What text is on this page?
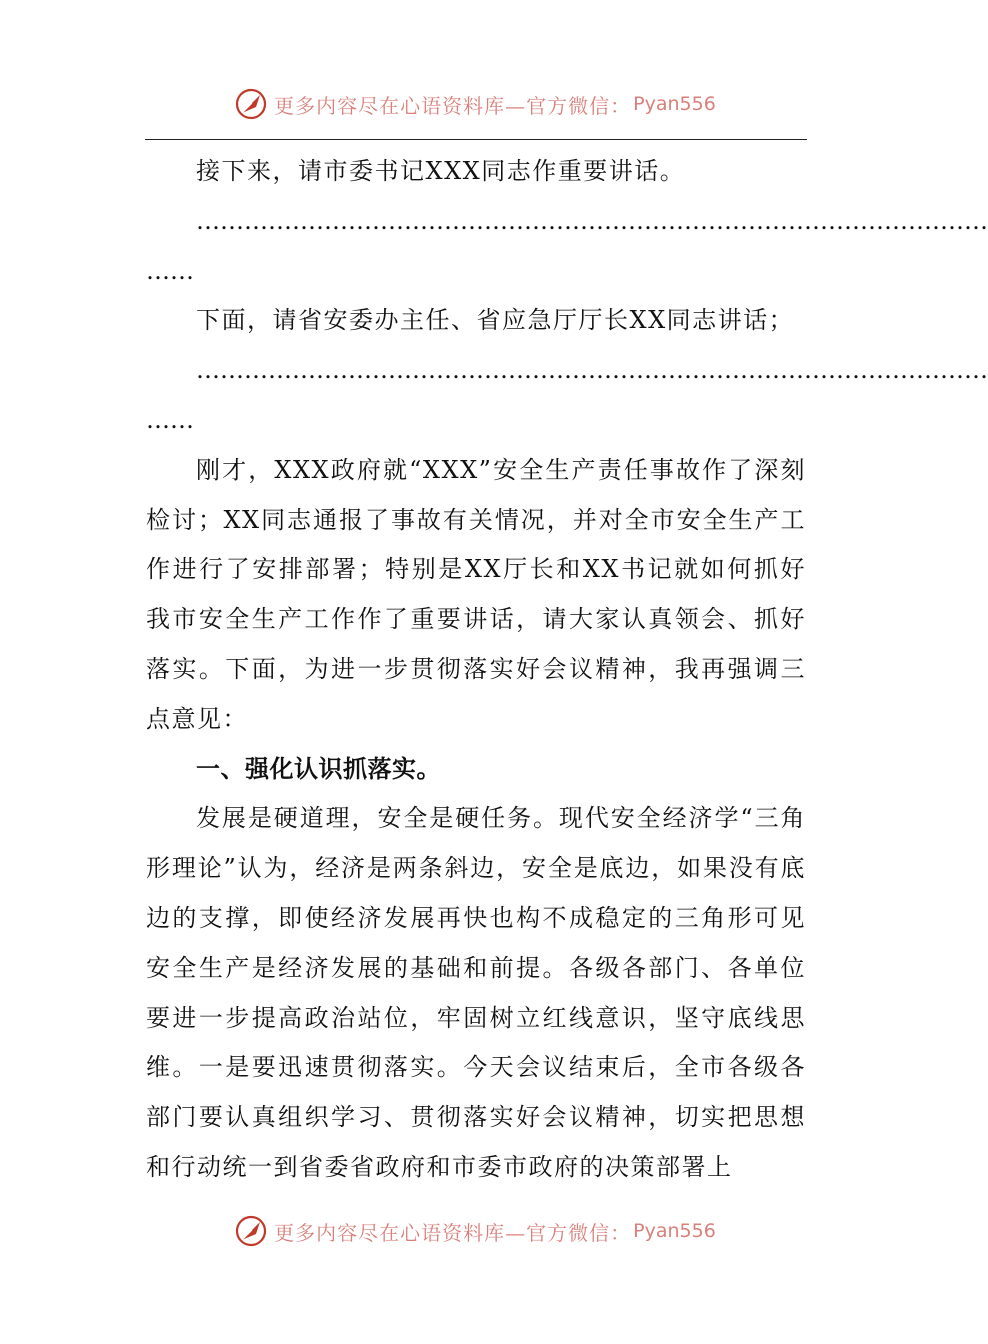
更多内容尽在心语资料库—官方微信： Pyan556

接下来，请市委书记XXX同志作重要讲话。

………………………………………………………………………………………

……

下面，请省安委办主任、省应急厅厅长XX同志讲话；

………………………………………………………………………………………

……

刚才，XXX政府就“XXX”安全生产责任事故作了深刻检讨；XX同志通报了事故有关情况，并对全市安全生产工作进行了安排部署；特别是XX厅长和XX书记就如何抓好我市安全生产工作作了重要讲话，请大家认真领会、抓好落实。下面，为进一步贯彻落实好会议精神，我再强调三点意见：

一、强化认识抓落实。

发展是硬道理，安全是硬任务。现代安全经济学“三角形理论”认为，经济是两条斜边，安全是底边，如果没有底边的支撑，即使经济发展再快也构不成稳定的三角形可见安全生产是经济发展的基础和前提。各级各部门、各单位要进一步提高政治站位，牢固树立红线意识，坚守底线思维。一是要迅速贯彻落实。今天会议结束后，全市各级各部门要认真组织学习、贯彻落实好会议精神，切实把思想和行动统一到省委省政府和市委市政府的决策部署上

更多内容尽在心语资料库—官方微信： Pyan556
